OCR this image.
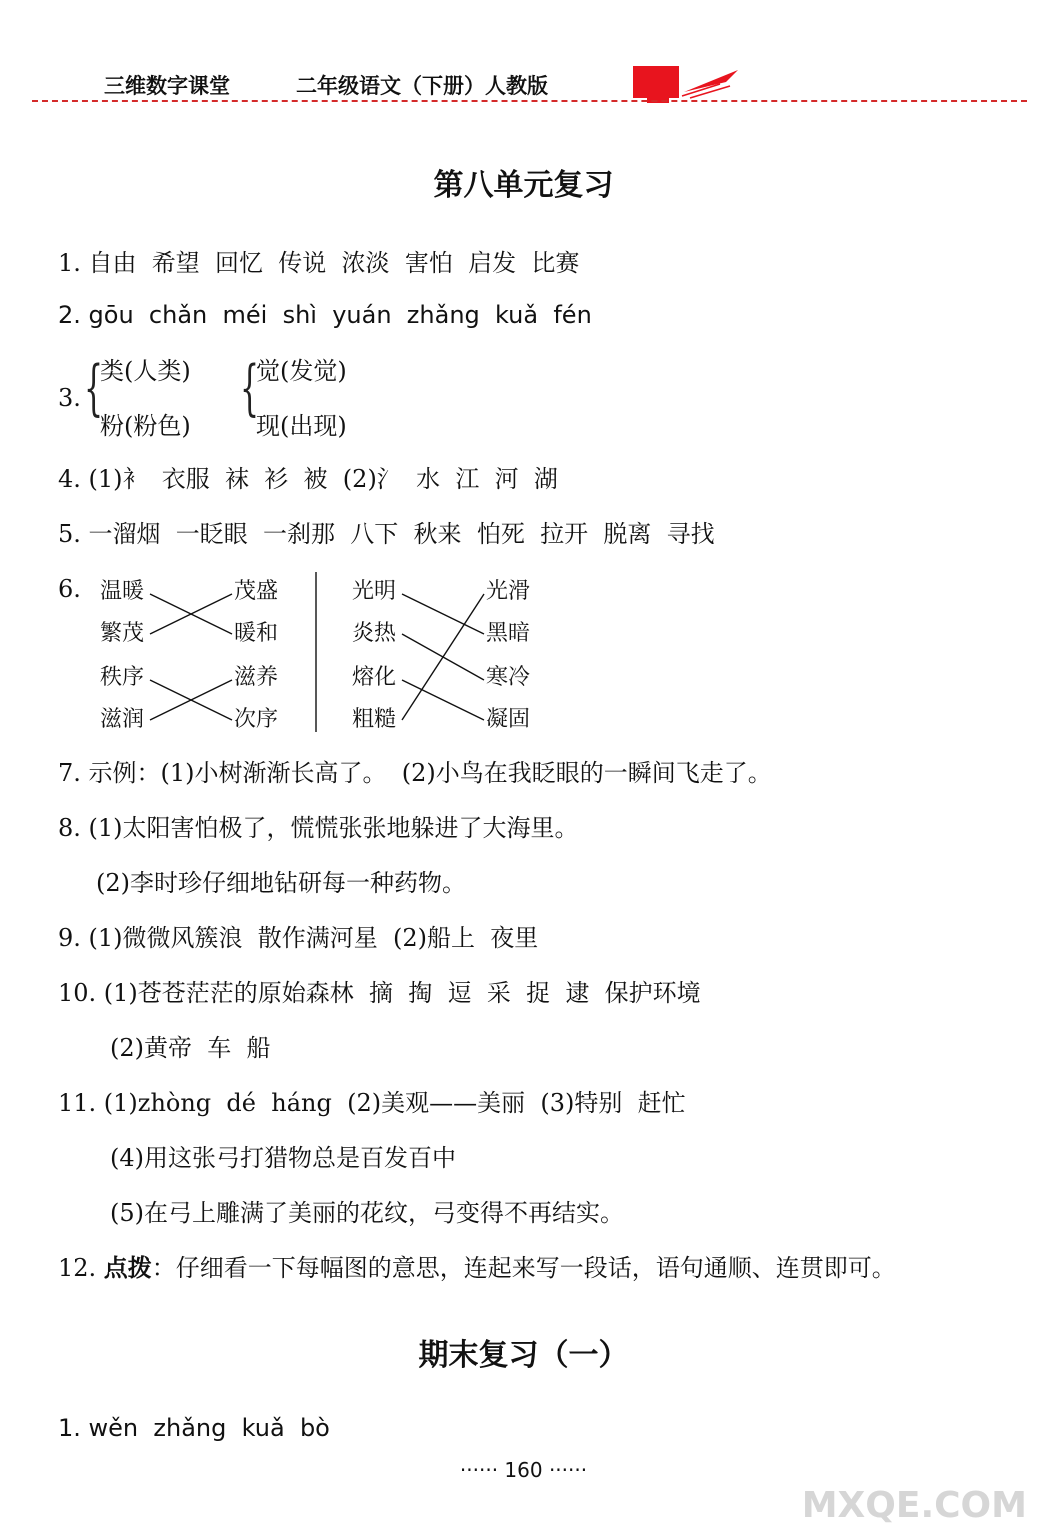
三维数字课堂	二年级语文（下册）人教版
第八单元复习
1. 自由  希望  回忆  传说  浓淡  害怕  启发  比赛
2. gōu  chǎn  méi  shì  yuán  zhǎng  kuǎ  fén
3. {
类(人类)
粉(粉色)
{
觉(发觉)
现(出现)
4. (1)衤  衣服  袜  衫  被  (2)氵  水  江  河  湖
5. 一溜烟  一眨眼  一刹那  八下  秋来  怕死  拉开  脱离  寻找
6. 温暖
繁茂
秩序
滋润
茂盛
暖和
滋养
次序
光明
炎热
熔化
粗糙
光滑
黑暗
寒冷
凝固
7. 示例：(1)小树渐渐长高了。  (2)小鸟在我眨眼的一瞬间飞走了。
8. (1)太阳害怕极了，慌慌张张地躲进了大海里。
(2)李时珍仔细地钻研每一种药物。
9. (1)微微风簇浪  散作满河星  (2)船上  夜里
10. (1)苍苍茫茫的原始森林  摘  掏  逗  采  捉  逮  保护环境
(2)黄帝  车  船
11. (1)zhòng  dé  háng  (2)美观——美丽  (3)特别  赶忙
(4)用这张弓打猎物总是百发百中
(5)在弓上雕满了美丽的花纹，弓变得不再结实。
12. 点拨：仔细看一下每幅图的意思，连起来写一段话，语句通顺、连贯即可。
期末复习（一）
1. wěn  zhǎng  kuǎ  bò
······ 160 ······
MXQE.COM
